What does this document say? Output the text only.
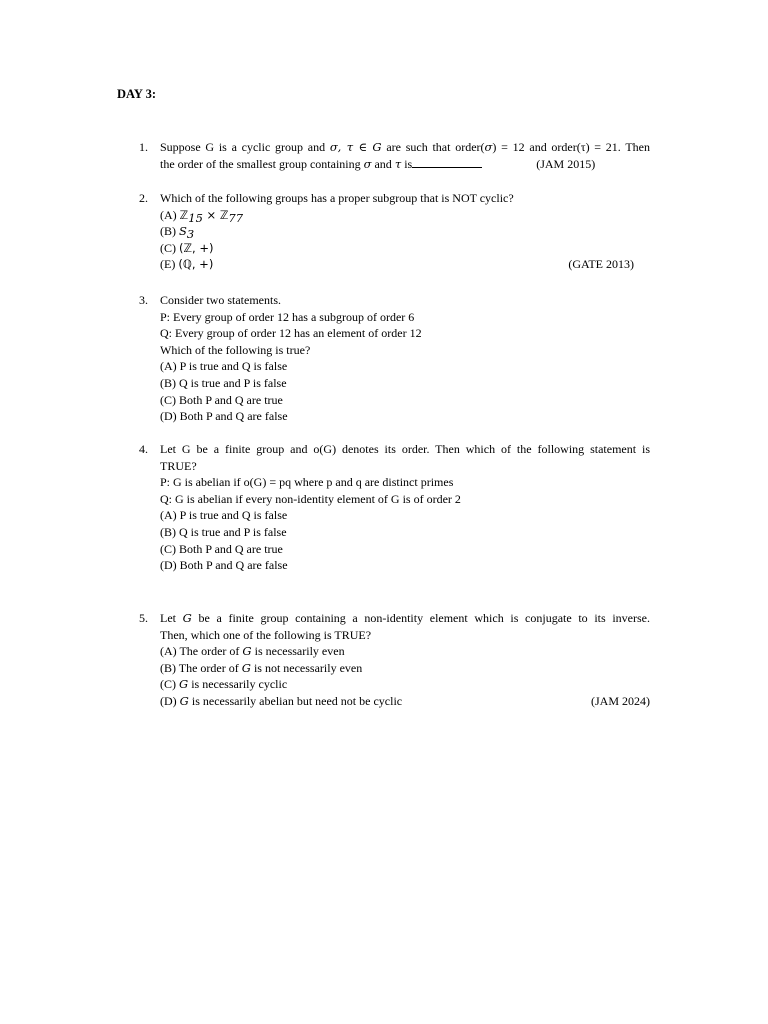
DAY 3:
1. Suppose G is a cyclic group and σ, τ ∈ G are such that order(σ) = 12 and order(τ) = 21. Then
the order of the smallest group containing σ and τ is	(JAM 2015)
2. Which of the following groups has a proper subgroup that is NOT cyclic?
(A) ℤ$_{15}$ × ℤ$_{77}$
(B) $S_3$
(C) (ℤ, +)
(E) (ℚ, +)	(GATE 2013)
3. Consider two statements.
P: Every group of order 12 has a subgroup of order 6
Q: Every group of order 12 has an element of order 12
Which of the following is true?
(A) P is true and Q is false
(B) Q is true and P is false
(C) Both P and Q are true
(D) Both P and Q are false
4. Let G be a finite group and o(G) denotes its order. Then which of the following statement is
TRUE?
P: G is abelian if o(G) = pq where p and q are distinct primes
Q: G is abelian if every non-identity element of G is of order 2
(A) P is true and Q is false
(B) Q is true and P is false
(C) Both P and Q are true
(D) Both P and Q are false
5. Let G be a finite group containing a non-identity element which is conjugate to its inverse.
Then, which one of the following is TRUE?
(A) The order of G is necessarily even
(B) The order of G is not necessarily even
(C) G is necessarily cyclic
(D) G is necessarily abelian but need not be cyclic	(JAM 2024)
